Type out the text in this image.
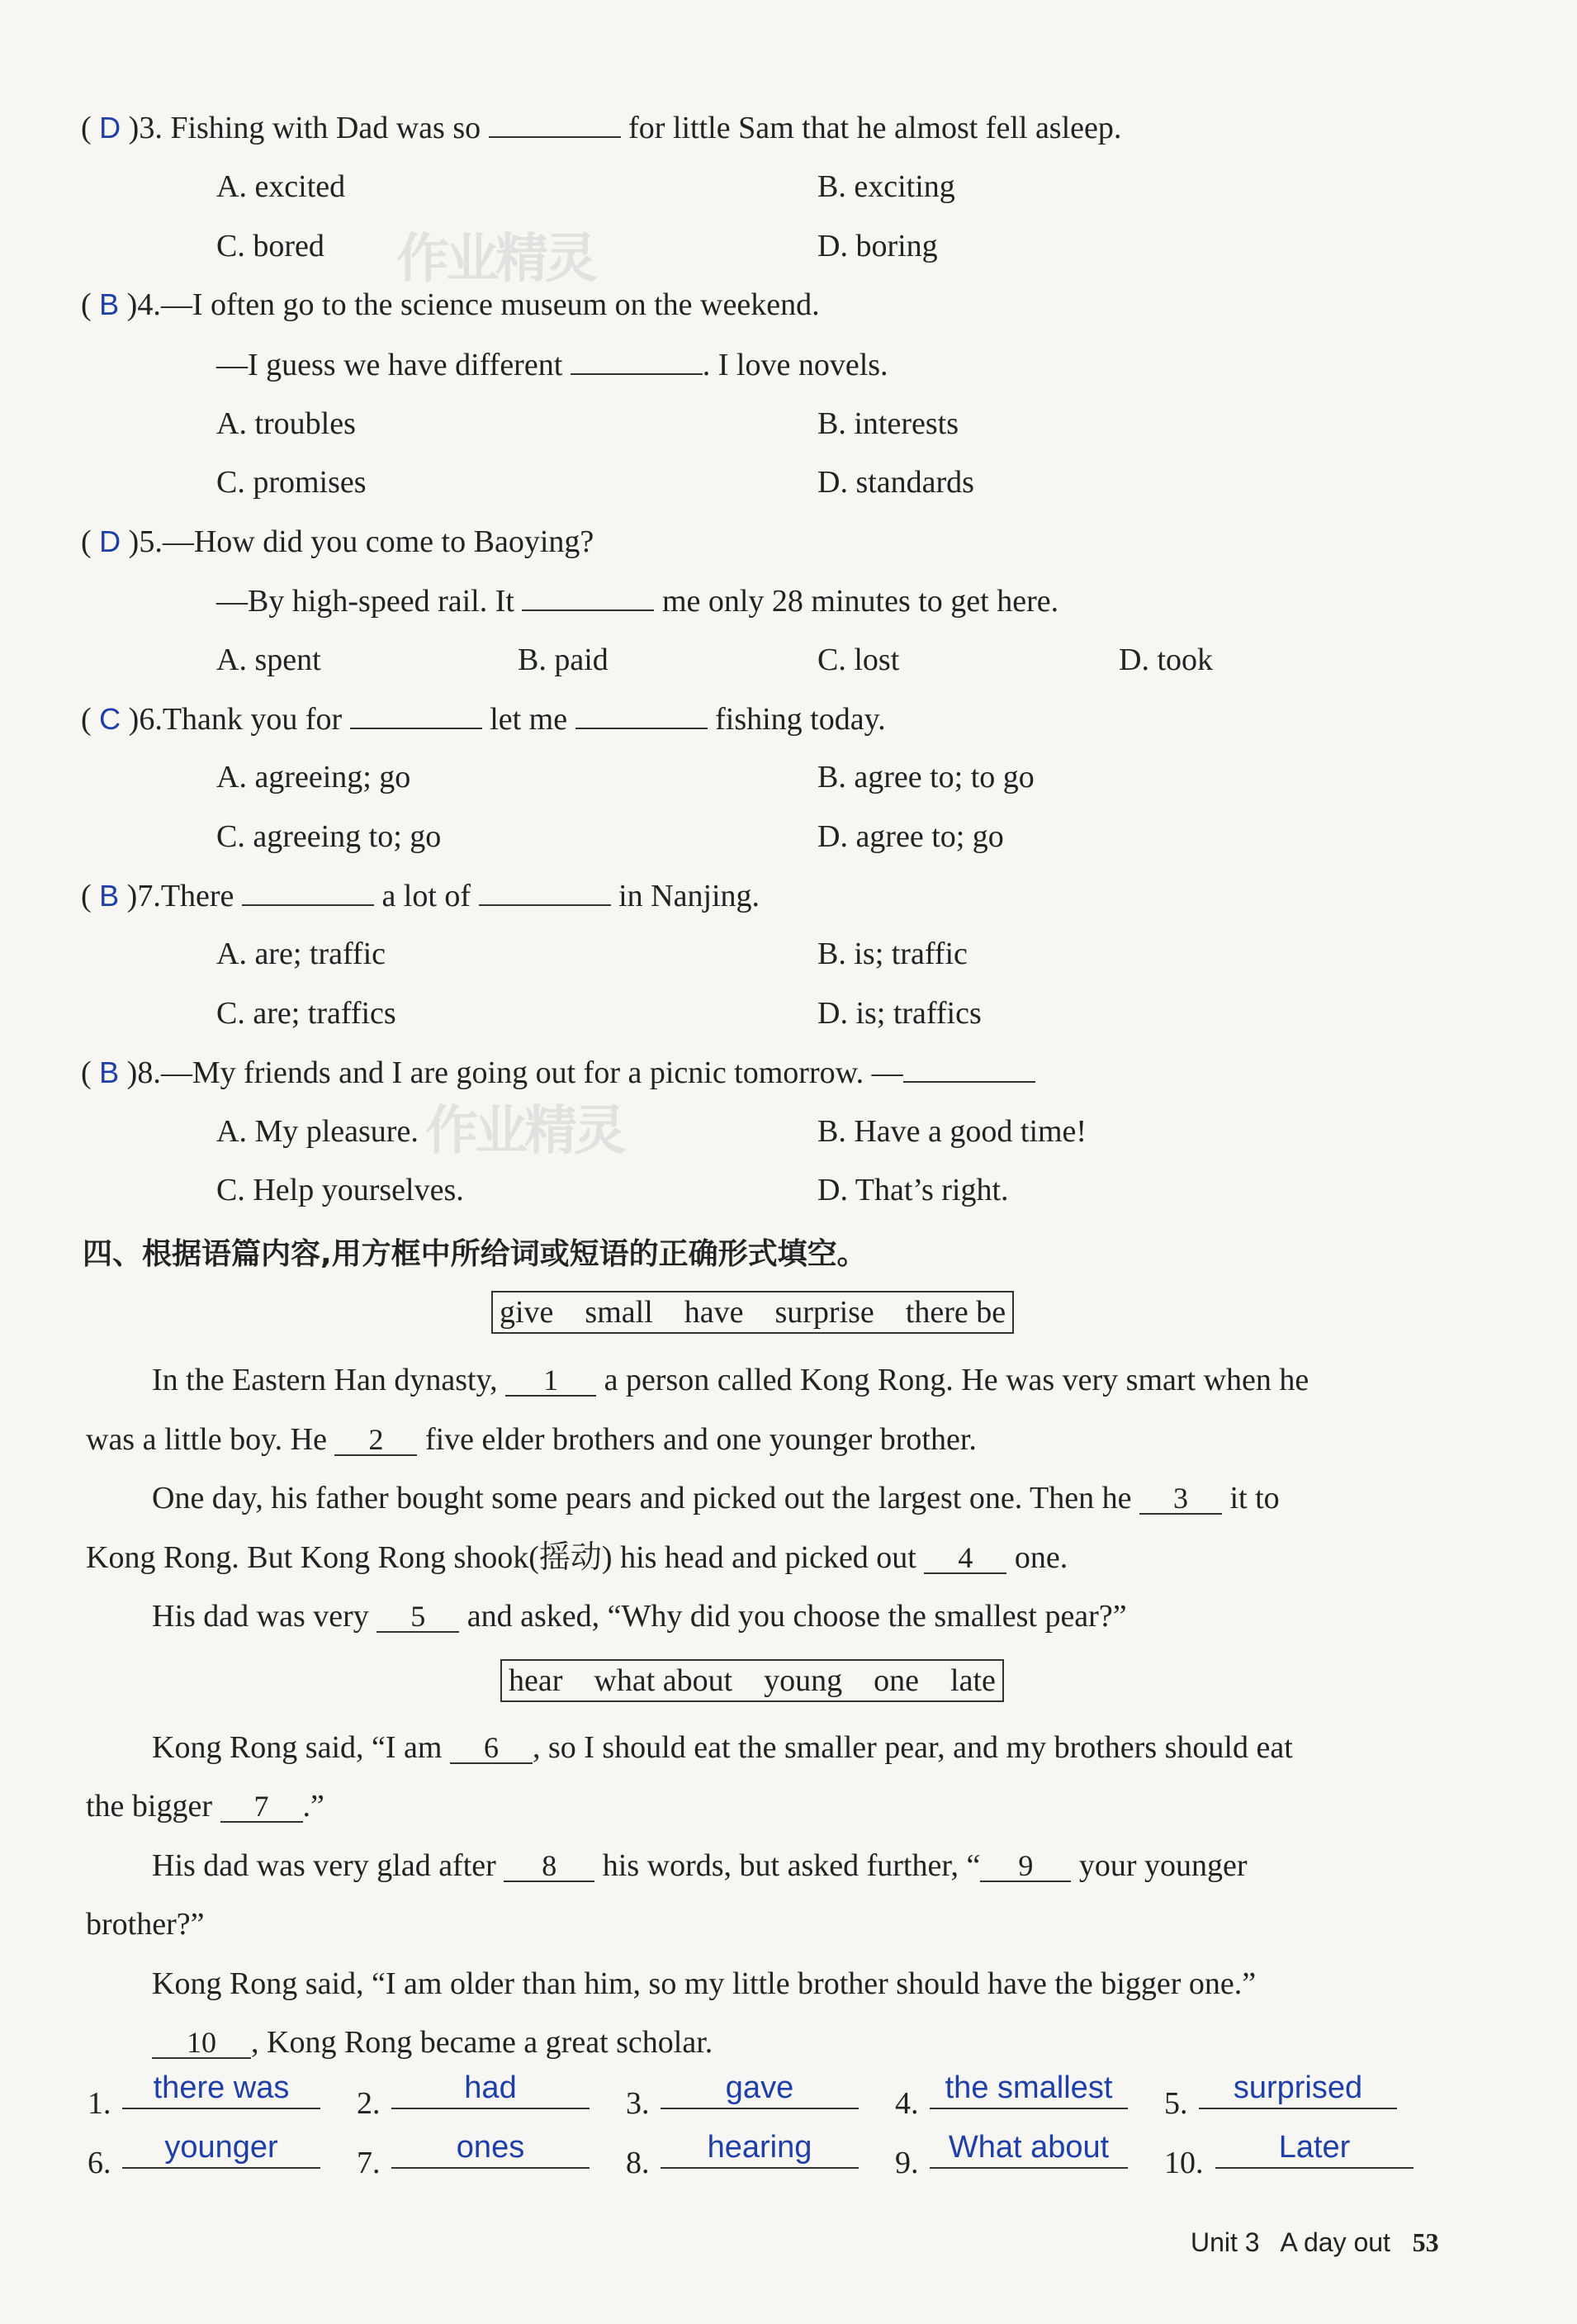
作业精灵
作业精灵
( D )3. Fishing with Dad was so	for little Sam that he almost fell asleep.
A. excited	B. exciting
C. bored	D. boring
( B )4.—I often go to the science museum on the weekend.
—I guess we have different	. I love novels.
A. troubles	B. interests
C. promises	D. standards
( D )5.—How did you come to Baoying?
—By high-speed rail. It	me only 28 minutes to get here.
A. spent	B. paid	C. lost	D. took
( C )6.Thank you for	let me	fishing today.
A. agreeing; go	B. agree to; to go
C. agreeing to; go	D. agree to; go
( B )7.There	a lot of	in Nanjing.
A. are; traffic	B. is; traffic
C. are; traffics	D. is; traffics
( B )8.—My friends and I are going out for a picnic tomorrow. —
A. My pleasure.	B. Have a good time!
C. Help yourselves.	D. That’s right.
四、根据语篇内容,用方框中所给词或短语的正确形式填空。
give    small    have    surprise    there be
In the Eastern Han dynasty, 1 a person called Kong Rong. He was very smart when he
was a little boy. He 2 five elder brothers and one younger brother.
One day, his father bought some pears and picked out the largest one. Then he 3 it to
Kong Rong. But Kong Rong shook(摇动) his head and picked out 4 one.
His dad was very 5 and asked, “Why did you choose the smallest pear?”
hear    what about    young    one    late
Kong Rong said, “I am 6 , so I should eat the smaller pear, and my brothers should eat
the bigger 7 .”
His dad was very glad after 8 his words, but asked further, “ 9 your younger
brother?”
Kong Rong said, “I am older than him, so my little brother should have the bigger one.”
10 , Kong Rong became a great scholar.
1.	there was	2.	had	3.	gave	4. the smallest	5.	surprised
6.	younger	7.	ones	8.	hearing	9. What about	10.	Later
Unit 3 A day out 53
